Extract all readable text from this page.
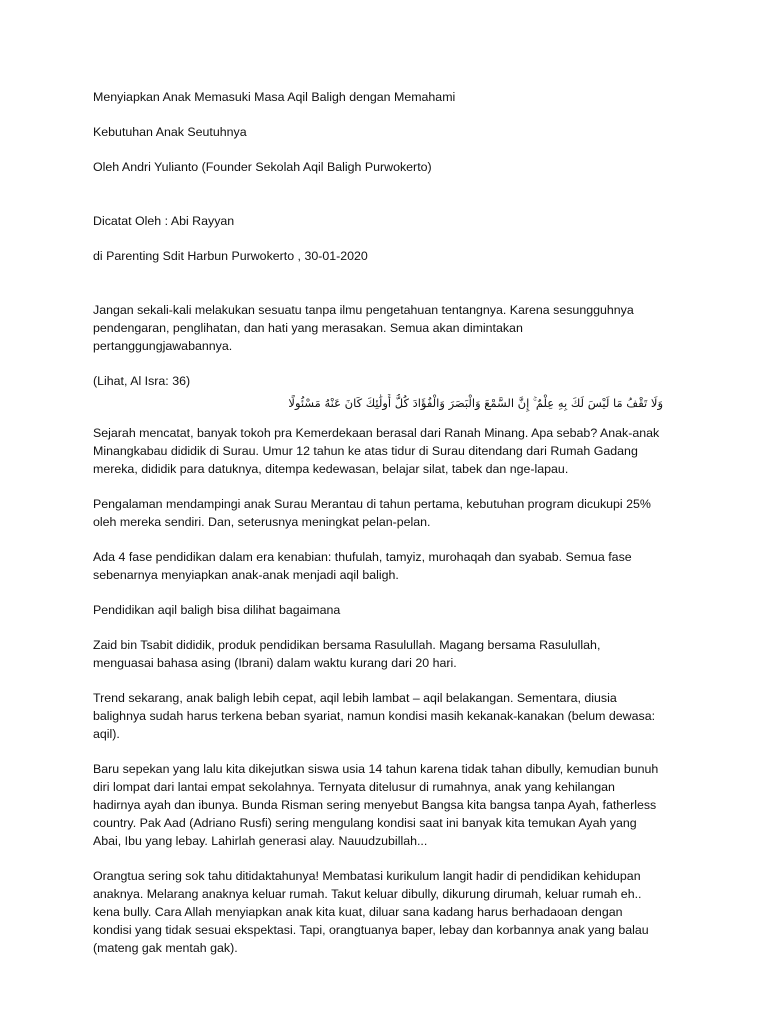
Menyiapkan Anak Memasuki Masa Aqil Baligh dengan Memahami

Kebutuhan Anak Seutuhnya

Oleh Andri Yulianto (Founder Sekolah Aqil Baligh Purwokerto)

Dicatat Oleh : Abi Rayyan

di Parenting Sdit Harbun Purwokerto , 30-01-2020

Jangan sekali-kali melakukan sesuatu tanpa ilmu pengetahuan tentangnya. Karena sesungguhnya pendengaran, penglihatan, dan hati yang merasakan. Semua akan dimintakan pertanggungjawabannya.

(Lihat, Al Isra: 36)

وَلَا تَقْفُ مَا لَيْسَ لَكَ بِهِ عِلْمٌ ۚ إِنَّ السَّمْعَ وَالْبَصَرَ وَالْفُؤَادَ كُلُّ أُولَٰئِكَ كَانَ عَنْهُ مَسْئُولًا

Sejarah mencatat, banyak tokoh pra Kemerdekaan berasal dari Ranah Minang. Apa sebab? Anak-anak Minangkabau dididik di Surau. Umur 12 tahun ke atas tidur di Surau ditendang dari Rumah Gadang mereka, dididik para datuknya, ditempa kedewasan, belajar silat, tabek dan nge-lapau.

Pengalaman mendampingi anak Surau Merantau di tahun pertama, kebutuhan program dicukupi 25% oleh mereka sendiri. Dan, seterusnya meningkat pelan-pelan.

Ada 4 fase pendidikan dalam era kenabian: thufulah, tamyiz, murohaqah dan syabab. Semua fase sebenarnya menyiapkan anak-anak menjadi aqil baligh.

Pendidikan aqil baligh bisa dilihat bagaimana

Zaid bin Tsabit dididik, produk pendidikan bersama Rasulullah. Magang bersama Rasulullah, menguasai bahasa asing (Ibrani) dalam waktu kurang dari 20 hari.

Trend sekarang, anak baligh lebih cepat, aqil lebih lambat – aqil belakangan. Sementara, diusia balighnya sudah harus terkena beban syariat, namun kondisi masih kekanak-kanakan (belum dewasa: aqil).

Baru sepekan yang lalu kita dikejutkan siswa usia 14 tahun karena tidak tahan dibully, kemudian bunuh diri lompat dari lantai empat sekolahnya. Ternyata ditelusur di rumahnya, anak yang kehilangan hadirnya ayah dan ibunya. Bunda Risman sering menyebut Bangsa kita bangsa tanpa Ayah, fatherless country. Pak Aad (Adriano Rusfi) sering mengulang kondisi saat ini banyak kita temukan Ayah yang Abai, Ibu yang lebay. Lahirlah generasi alay. Nauudzubillah...

Orangtua sering sok tahu ditidaktahunya! Membatasi kurikulum langit hadir di pendidikan kehidupan anaknya. Melarang anaknya keluar rumah. Takut keluar dibully, dikurung dirumah, keluar rumah eh.. kena bully. Cara Allah menyiapkan anak kita kuat, diluar sana kadang harus berhadaoan dengan kondisi yang tidak sesuai ekspektasi. Tapi, orangtuanya baper, lebay dan korbannya anak yang balau (mateng gak mentah gak).
